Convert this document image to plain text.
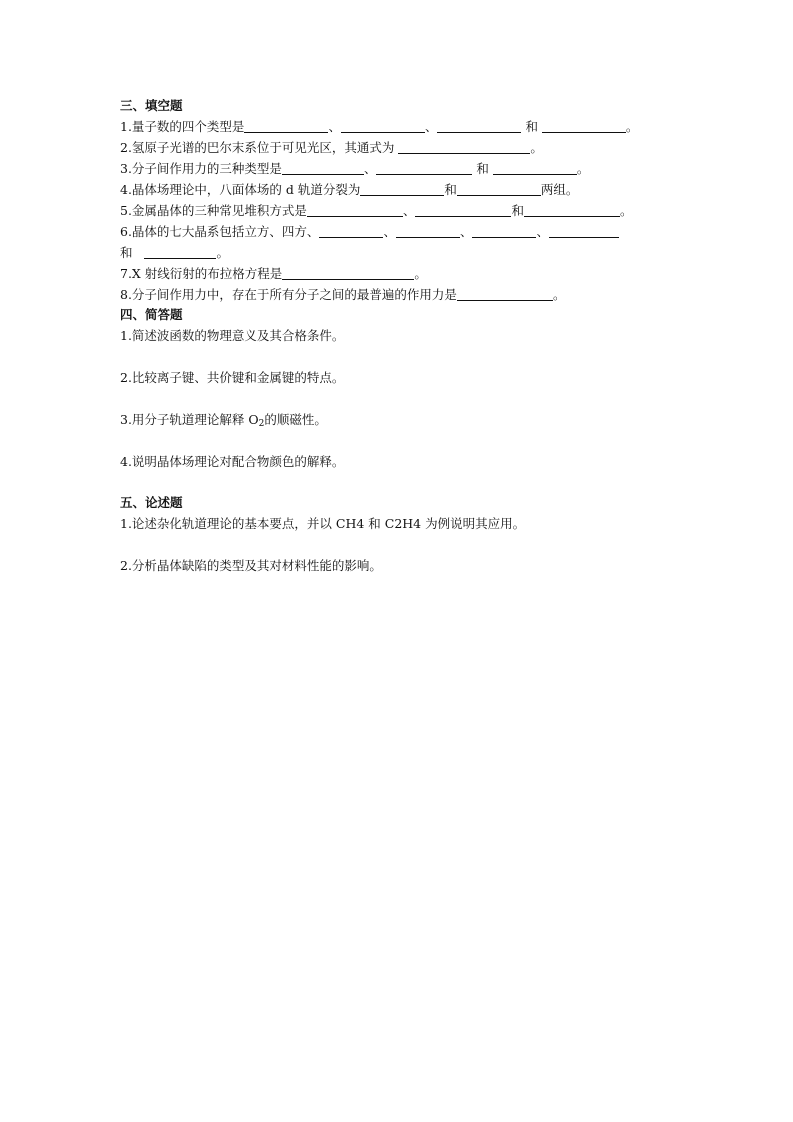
三、填空题
1.量子数的四个类型是	、	、	和	。
2.氢原子光谱的巴尔末系位于可见光区，其通式为	。
3.分子间作用力的三种类型是	、	和	。
4.晶体场理论中，八面体场的 d 轨道分裂为	和	两组。
5.金属晶体的三种常见堆积方式是	、	和	。
6.晶体的七大晶系包括立方、四方、	、	、	、
和	。
7.X 射线衍射的布拉格方程是	。
8.分子间作用力中，存在于所有分子之间的最普遍的作用力是	。
四、简答题
1.简述波函数的物理意义及其合格条件。
2.比较离子键、共价键和金属键的特点。
3.用分子轨道理论解释 $O_2$的顺磁性。
4.说明晶体场理论对配合物颜色的解释。
五、论述题
1.论述杂化轨道理论的基本要点，并以 CH4 和 C2H4 为例说明其应用。
2.分析晶体缺陷的类型及其对材料性能的影响。
